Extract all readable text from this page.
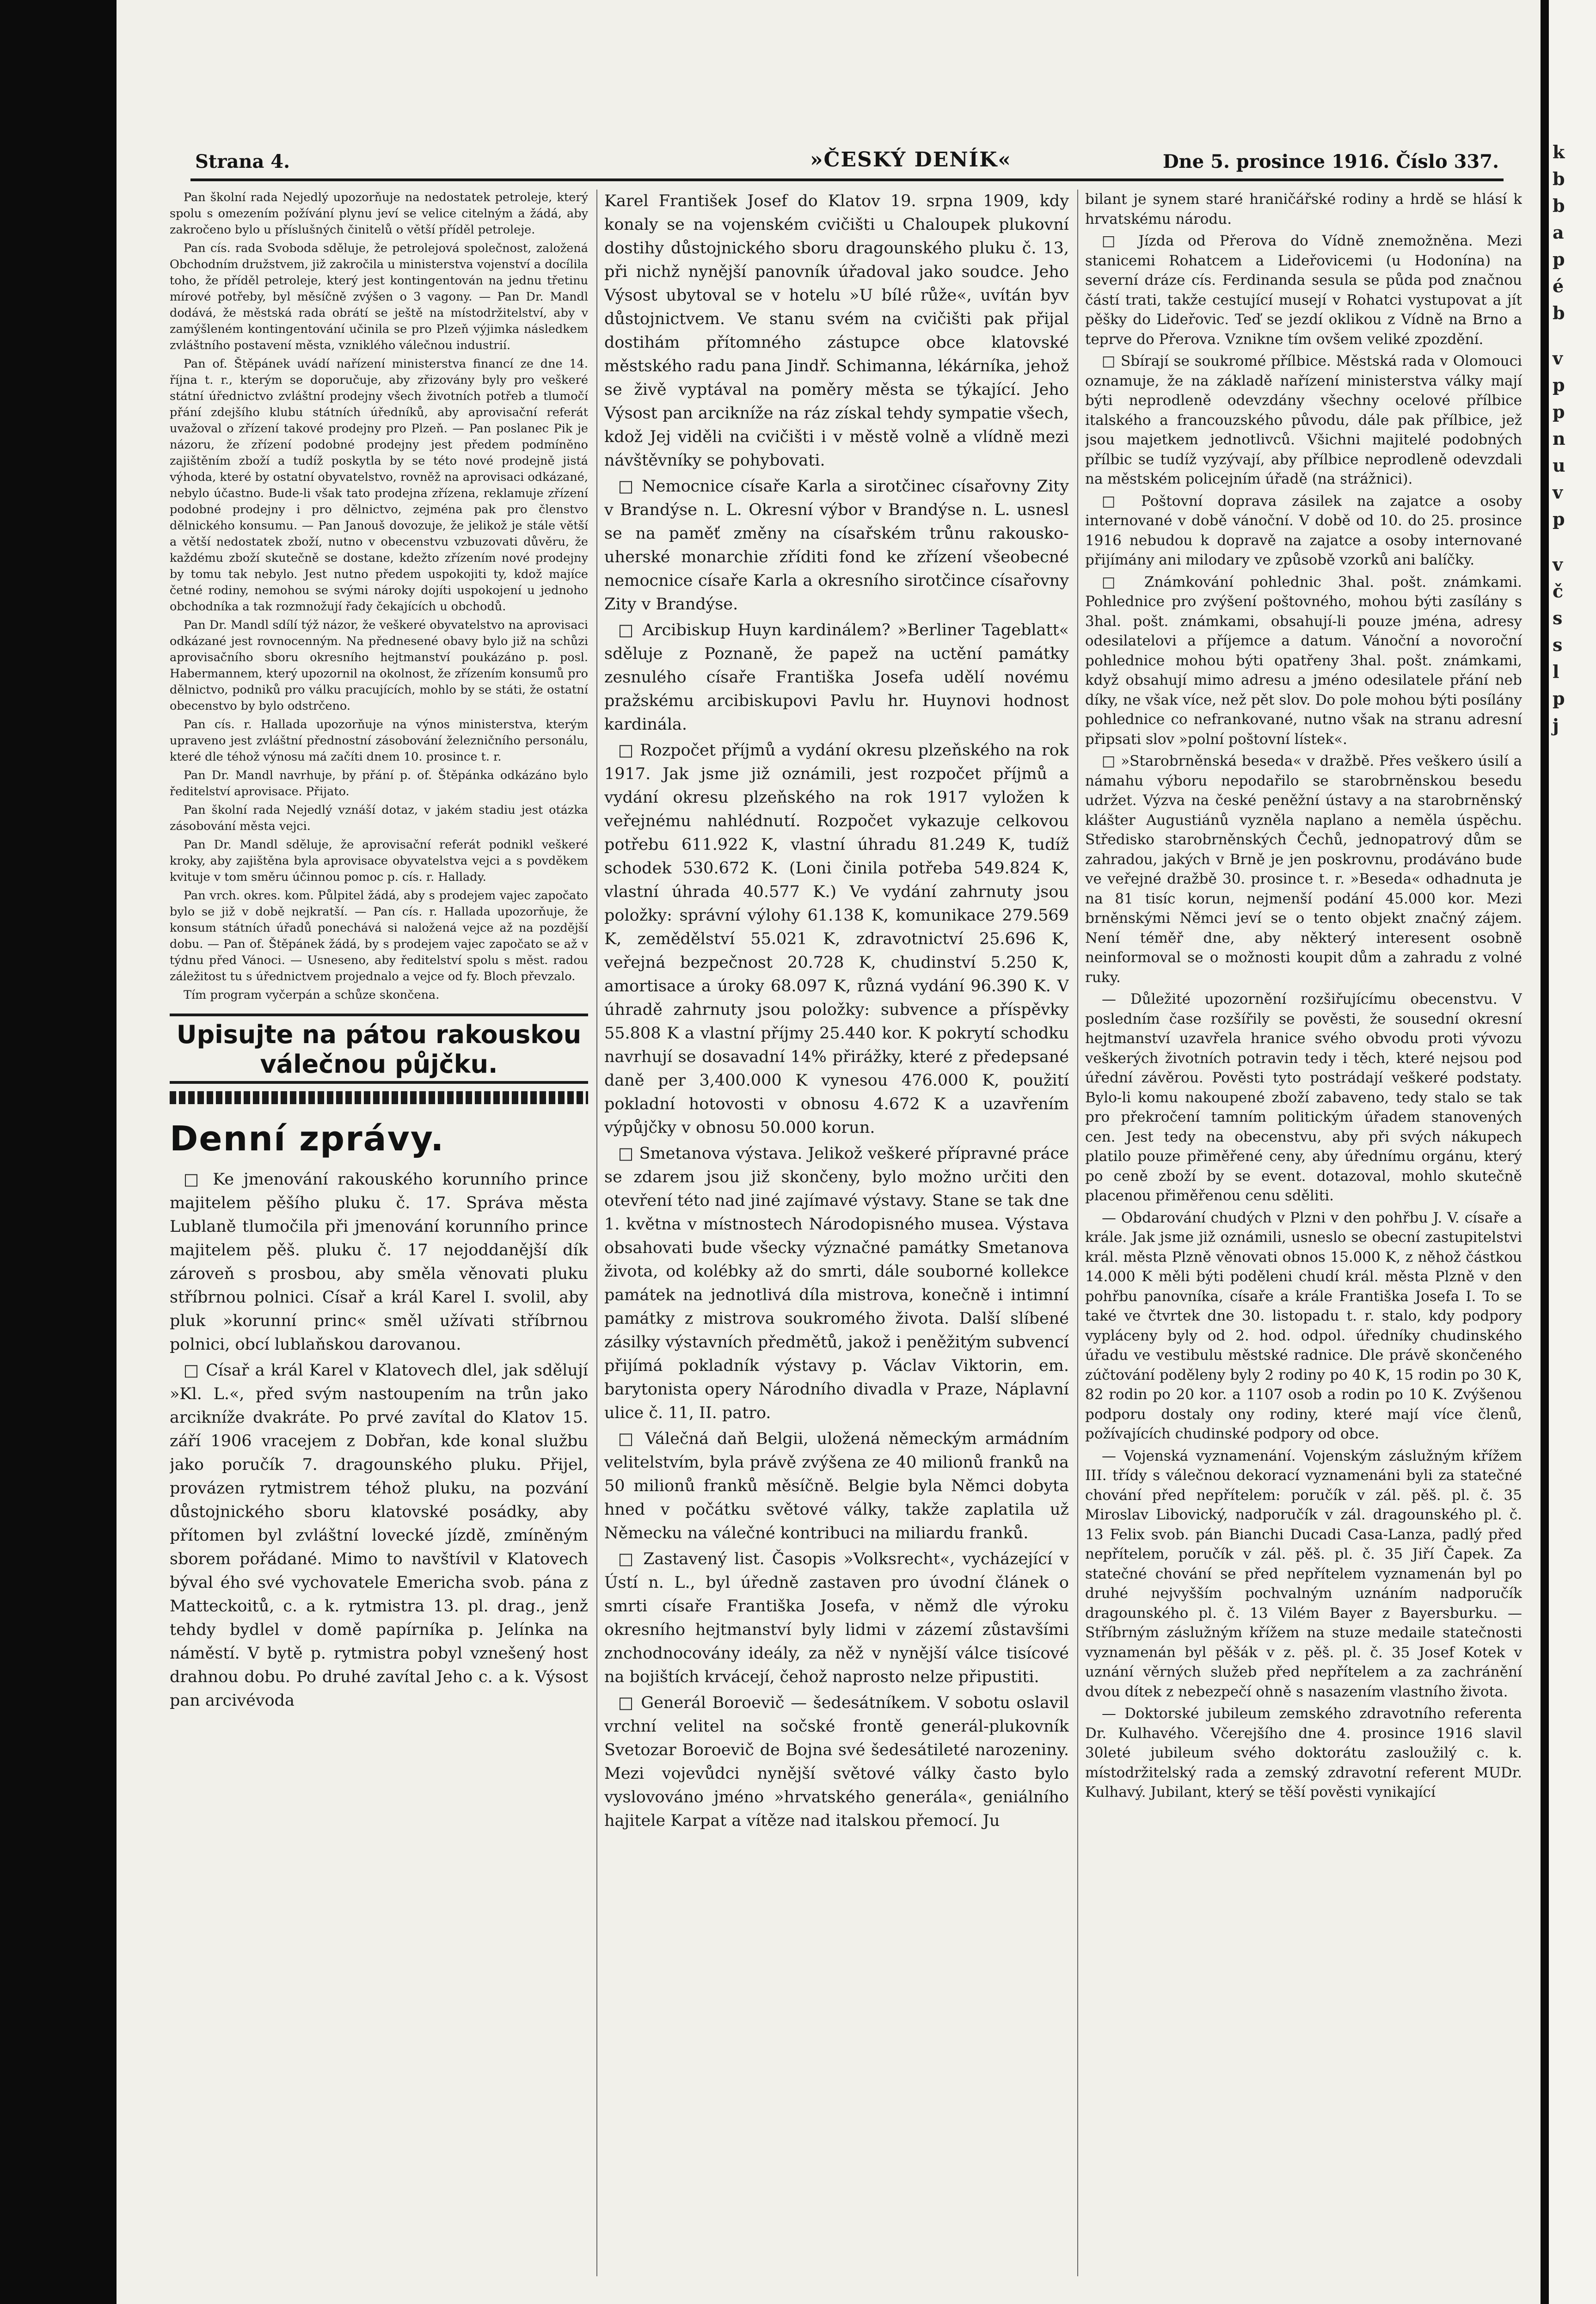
Strana 4.	»ČESKÝ DENÍK«	Dne 5. prosince 1916. Číslo 337.

Pan školní rada Nejedlý upozorňuje na nedostatek petroleje, který spolu s omezením požívání plynu jeví se velice citelným a žádá, aby zakročeno bylo u příslušných činitelů o větší příděl petroleje.

Pan cís. rada Svoboda sděluje, že petrolejová společnost, založená Obchodním družstvem, již zakročila u ministerstva vojenství a docílila toho, že příděl petroleje, který jest kontingentován na jednu třetinu mírové potřeby, byl měsíčně zvýšen o 3 vagony. — Pan Dr. Mandl dodává, že městská rada obrátí se ještě na místodržitelství, aby v zamýšleném kontingentování učinila se pro Plzeň výjimka následkem zvláštního postavení města, vzniklého válečnou industrií.

Pan of. Štěpánek uvádí nařízení ministerstva financí ze dne 14. října t. r., kterým se doporučuje, aby zřizovány byly pro veškeré státní úřednictvo zvláštní prodejny všech životních potřeb a tlumočí přání zdejšího klubu státních úředníků, aby aprovisační referát uvažoval o zřízení takové prodejny pro Plzeň. — Pan poslanec Pik je názoru, že zřízení podobné prodejny jest předem podmíněno zajištěním zboží a tudíž poskytla by se této nové prodejně jistá výhoda, které by ostatní obyvatelstvo, rovněž na aprovisaci odkázané, nebylo účastno. Bude-li však tato prodejna zřízena, reklamuje zřízení podobné prodejny i pro dělnictvo, zejména pak pro členstvo dělnického konsumu. — Pan Janouš dovozuje, že jelikož je stále větší a větší nedostatek zboží, nutno v obecenstvu vzbuzovati důvěru, že každému zboží skutečně se dostane, kdežto zřízením nové prodejny by tomu tak nebylo. Jest nutno předem uspokojiti ty, kdož majíce četné rodiny, nemohou se svými nároky dojíti uspokojení u jednoho obchodníka a tak rozmnožují řady čekajících u obchodů.

Pan Dr. Mandl sdílí týž názor, že veškeré obyvatelstvo na aprovisaci odkázané jest rovnocenným. Na přednesené obavy bylo již na schůzi aprovisačního sboru okresního hejtmanství poukázáno p. posl. Habermannem, který upozornil na okolnost, že zřízením konsumů pro dělnictvo, podniků pro válku pracujících, mohlo by se státi, že ostatní obecenstvo by bylo odstrčeno.

Pan cís. r. Hallada upozorňuje na výnos ministerstva, kterým upraveno jest zvláštní přednostní zásobování železničního personálu, které dle téhož výnosu má začíti dnem 10. prosince t. r.

Pan Dr. Mandl navrhuje, by přání p. of. Štěpánka odkázáno bylo ředitelství aprovisace. Přijato.

Pan školní rada Nejedlý vznáší dotaz, v jakém stadiu jest otázka zásobování města vejci.

Pan Dr. Mandl sděluje, že aprovisační referát podnikl veškeré kroky, aby zajištěna byla aprovisace obyvatelstva vejci a s povděkem kvituje v tom směru účinnou pomoc p. cís. r. Hallady.

Pan vrch. okres. kom. Půlpitel žádá, aby s prodejem vajec započato bylo se již v době nejkratší. — Pan cís. r. Hallada upozorňuje, že konsum státních úřadů ponechává si naložená vejce až na pozdější dobu. — Pan of. Štěpánek žádá, by s prodejem vajec započato se až v týdnu před Vánoci. — Usneseno, aby ředitelství spolu s měst. radou záležitost tu s úřednictvem projednalo a vejce od fy. Bloch převzalo.

Tím program vyčerpán a schůze skončena.

Upisujte na pátou rakouskou válečnou půjčku.
Denní zprávy.

□ Ke jmenování rakouského korunního prince majitelem pěšího pluku č. 17. Správa města Lublaně tlumočila při jmenování korunního prince majitelem pěš. pluku č. 17 nejoddanější dík zároveň s prosbou, aby směla věnovati pluku stříbrnou polnici. Císař a král Karel I. svolil, aby pluk »korunní princ« směl užívati stříbrnou polnici, obcí lublaňskou darovanou.

□ Císař a král Karel v Klatovech dlel, jak sdělují »Kl. L.«, před svým nastoupením na trůn jako arcikníže dvakráte. Po prvé zavítal do Klatov 15. září 1906 vracejem z Dobřan, kde konal službu jako poručík 7. dragounského pluku. Přijel, provázen rytmistrem téhož pluku, na pozvání důstojnického sboru klatovské posádky, aby přítomen byl zvláštní lovecké jízdě, zmíněným sborem pořádané. Mimo to navštívil v Klatovech býval ého své vychovatele Emericha svob. pána z Matteckoitů, c. a k. rytmistra 13. pl. drag., jenž tehdy bydlel v domě papírníka p. Jelínka na náměstí. V bytě p. rytmistra pobyl vznešený host drahnou dobu. Po druhé zavítal Jeho c. a k. Výsost pan arcivévoda

Karel František Josef do Klatov 19. srpna 1909, kdy konaly se na vojenském cvičišti u Chaloupek plukovní dostihy důstojnického sboru dragounského pluku č. 13, při nichž nynější panovník úřadoval jako soudce. Jeho Výsost ubytoval se v hotelu »U bílé růže«, uvítán byv důstojnictvem. Ve stanu svém na cvičišti pak přijal dostihám přítomného zástupce obce klatovské městského radu pana Jindř. Schimanna, lékárníka, jehož se živě vyptával na poměry města se týkající. Jeho Výsost pan arcikníže na ráz získal tehdy sympatie všech, kdož Jej viděli na cvičišti i v městě volně a vlídně mezi návštěvníky se pohybovati.

□ Nemocnice císaře Karla a sirotčinec císařovny Zity v Brandýse n. L. Okresní výbor v Brandýse n. L. usnesl se na paměť změny na císařském trůnu rakousko-uherské monarchie zříditi fond ke zřízení všeobecné nemocnice císaře Karla a okresního sirotčince císařovny Zity v Brandýse.

□ Arcibiskup Huyn kardinálem? »Berliner Tageblatt« sděluje z Poznaně, že papež na uctění památky zesnulého císaře Františka Josefa udělí novému pražskému arcibiskupovi Pavlu hr. Huynovi hodnost kardinála.

□ Rozpočet příjmů a vydání okresu plzeňského na rok 1917. Jak jsme již oznámili, jest rozpočet příjmů a vydání okresu plzeňského na rok 1917 vyložen k veřejnému nahlédnutí. Rozpočet vykazuje celkovou potřebu 611.922 K, vlastní úhradu 81.249 K, tudíž schodek 530.672 K. (Loni činila potřeba 549.824 K, vlastní úhrada 40.577 K.) Ve vydání zahrnuty jsou položky: správní výlohy 61.138 K, komunikace 279.569 K, zemědělství 55.021 K, zdravotnictví 25.696 K, veřejná bezpečnost 20.728 K, chudinství 5.250 K, amortisace a úroky 68.097 K, různá vydání 96.390 K. V úhradě zahrnuty jsou položky: subvence a příspěvky 55.808 K a vlastní příjmy 25.440 kor. K pokrytí schodku navrhují se dosavadní 14% přirážky, které z předepsané daně per 3,400.000 K vynesou 476.000 K, použití pokladní hotovosti v obnosu 4.672 K a uzavřením výpůjčky v obnosu 50.000 korun.

□ Smetanova výstava. Jelikož veškeré přípravné práce se zdarem jsou již skončeny, bylo možno určiti den otevření této nad jiné zajímavé výstavy. Stane se tak dne 1. května v místnostech Národopisného musea. Výstava obsahovati bude všecky význačné památky Smetanova života, od kolébky až do smrti, dále souborné kollekce památek na jednotlivá díla mistrova, konečně i intimní památky z mistrova soukromého života. Další slíbené zásilky výstavních předmětů, jakož i peněžitým subvencí přijímá pokladník výstavy p. Václav Viktorin, em. barytonista opery Národního divadla v Praze, Náplavní ulice č. 11, II. patro.

□ Válečná daň Belgii, uložená německým armádním velitelstvím, byla právě zvýšena ze 40 milionů franků na 50 milionů franků měsíčně. Belgie byla Němci dobyta hned v počátku světové války, takže zaplatila už Německu na válečné kontribuci na miliardu franků.

□ Zastavený list. Časopis »Volksrecht«, vycházející v Ústí n. L., byl úředně zastaven pro úvodní článek o smrti císaře Františka Josefa, v němž dle výroku okresního hejtmanství byly lidmi v zázemí zůstavšími znchodnocovány ideály, za něž v nynější válce tisícové na bojištích krvácejí, čehož naprosto nelze připustiti.

□ Generál Boroevič — šedesátníkem. V sobotu oslavil vrchní velitel na sočské frontě generál-plukovník Svetozar Boroevič de Bojna své šedesátileté narozeniny. Mezi vojevůdci nynější světové války často bylo vyslovováno jméno »hrvatského generála«, geniálního hajitele Karpat a vítěze nad italskou přemocí. Ju

bilant je synem staré hraničářské rodiny a hrdě se hlásí k hrvatskému národu.

□ Jízda od Přerova do Vídně znemožněna. Mezi stanicemi Rohatcem a Lideřovicemi (u Hodonína) na severní dráze cís. Ferdinanda sesula se půda pod značnou částí trati, takže cestující musejí v Rohatci vystupovat a jít pěšky do Lideřovic. Teď se jezdí oklikou z Vídně na Brno a teprve do Přerova. Vznikne tím ovšem veliké zpozdění.

□ Sbírají se soukromé přílbice. Městská rada v Olomouci oznamuje, že na základě nařízení ministerstva války mají býti neprodleně odevzdány všechny ocelové přílbice italského a francouzského původu, dále pak přílbice, jež jsou majetkem jednotlivců. Všichni majitelé podobných přílbic se tudíž vyzývají, aby přílbice neprodleně odevzdali na městském policejním úřadě (na strážnici).

□ Poštovní doprava zásilek na zajatce a osoby internované v době vánoční. V době od 10. do 25. prosince 1916 nebudou k dopravě na zajatce a osoby internované přijímány ani milodary ve způsobě vzorků ani balíčky.

□ Známkování pohlednic 3hal. pošt. známkami. Pohlednice pro zvýšení poštovného, mohou býti zasílány s 3hal. pošt. známkami, obsahují-li pouze jména, adresy odesilatelovi a příjemce a datum. Vánoční a novoroční pohlednice mohou býti opatřeny 3hal. pošt. známkami, když obsahují mimo adresu a jméno odesilatele přání neb díky, ne však více, než pět slov. Do pole mohou býti posílány pohlednice co nefrankované, nutno však na stranu adresní připsati slov »polní poštovní lístek«.

□ »Starobrněnská beseda« v dražbě. Přes veškero úsilí a námahu výboru nepodařilo se starobrněnskou besedu udržet. Výzva na české peněžní ústavy a na starobrněnský klášter Augustiánů vyzněla naplano a neměla úspěchu. Středisko starobrněnských Čechů, jednopatrový dům se zahradou, jakých v Brně je jen poskrovnu, prodáváno bude ve veřejné dražbě 30. prosince t. r. »Beseda« odhadnuta je na 81 tisíc korun, nejmenší podání 45.000 kor. Mezi brněnskými Němci jeví se o tento objekt značný zájem. Není téměř dne, aby některý interesent osobně neinformoval se o možnosti koupit dům a zahradu z volné ruky.

— Důležité upozornění rozšiřujícímu obecenstvu. V posledním čase rozšířily se pověsti, že sousední okresní hejtmanství uzavřela hranice svého obvodu proti vývozu veškerých životních potravin tedy i těch, které nejsou pod úřední závěrou. Pověsti tyto postrádají veškeré podstaty. Bylo-li komu nakoupené zboží zabaveno, tedy stalo se tak pro překročení tamním politickým úřadem stanovených cen. Jest tedy na obecenstvu, aby při svých nákupech platilo pouze přiměřené ceny, aby úřednímu orgánu, který po ceně zboží by se event. dotazoval, mohlo skutečně placenou přiměřenou cenu sděliti.

— Obdarování chudých v Plzni v den pohřbu J. V. císaře a krále. Jak jsme již oznámili, usneslo se obecní zastupitelstvi král. města Plzně věnovati obnos 15.000 K, z něhož částkou 14.000 K měli býti poděleni chudí král. města Plzně v den pohřbu panovníka, císaře a krále Františka Josefa I. To se také ve čtvrtek dne 30. listopadu t. r. stalo, kdy podpory vypláceny byly od 2. hod. odpol. úředníky chudinského úřadu ve vestibulu městské radnice. Dle právě skončeného zúčtování poděleny byly 2 rodiny po 40 K, 15 rodin po 30 K, 82 rodin po 20 kor. a 1107 osob a rodin po 10 K. Zvýšenou podporu dostaly ony rodiny, které mají více členů, požívajících chudinské podpory od obce.

— Vojenská vyznamenání. Vojenským záslužným křížem III. třídy s válečnou dekorací vyznamenáni byli za statečné chování před nepřítelem: poručík v zál. pěš. pl. č. 35 Miroslav Libovický, nadporučík v zál. dragounského pl. č. 13 Felix svob. pán Bianchi Ducadi Casa-Lanza, padlý před nepřítelem, poručík v zál. pěš. pl. č. 35 Jiří Čapek. Za statečné chování se před nepřítelem vyznamenán byl po druhé nejvyšším pochvalným uznáním nadporučík dragounského pl. č. 13 Vilém Bayer z Bayersburku. — Stříbrným záslužným křížem na stuze medaile statečnosti vyznamenán byl pěšák v z. pěš. pl. č. 35 Josef Kotek v uznání věrných služeb před nepřítelem a za zachránění dvou dítek z nebezpečí ohně s nasazením vlastního života.

— Doktorské jubileum zemského zdravotního referenta Dr. Kulhavého. Včerejšího dne 4. prosince 1916 slavil 30leté jubileum svého doktorátu zasloužilý c. k. místodržitelský rada a zemský zdravotní referent MUDr. Kulhavý. Jubilant, který se těší pověsti vynikající

k
b
b
a
p
é
b
v
p
p
n
u
v
p
v
č
s
s
l
p
j
